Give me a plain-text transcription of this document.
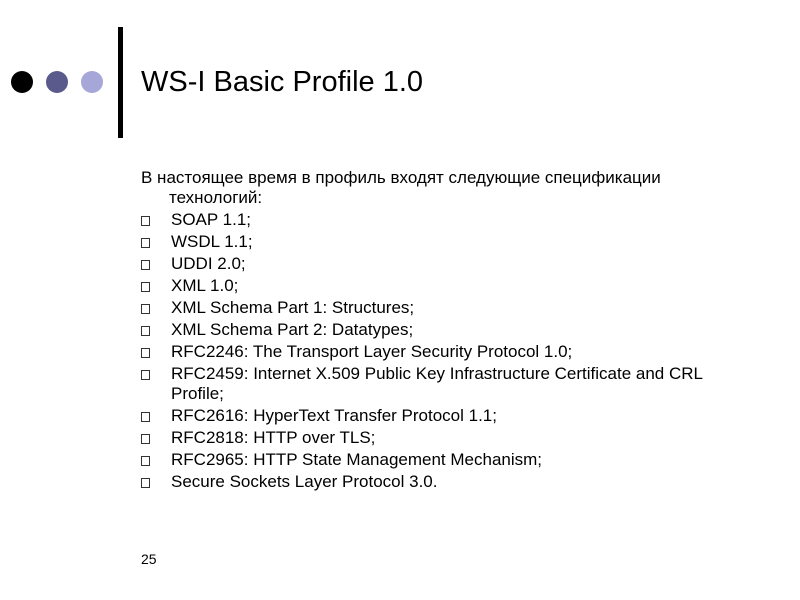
WS-I Basic Profile 1.0
В настоящее время в профиль входят следующие спецификации технологий:
SOAP 1.1;
WSDL 1.1;
UDDI 2.0;
XML 1.0;
XML Schema Part 1: Structures;
XML Schema Part 2: Datatypes;
RFC2246: The Transport Layer Security Protocol 1.0;
RFC2459: Internet X.509 Public Key Infrastructure Certificate and CRL Profile;
RFC2616: HyperText Transfer Protocol 1.1;
RFC2818: HTTP over TLS;
RFC2965: HTTP State Management Mechanism;
Secure Sockets Layer Protocol 3.0.
25
